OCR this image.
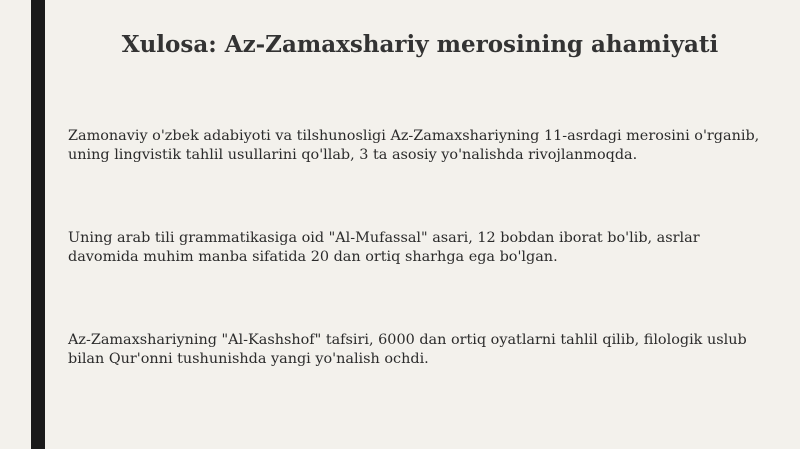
Xulosa: Az-Zamaxshariy merosining ahamiyati
Zamonaviy o'zbek adabiyoti va tilshunosligi Az-Zamaxshariyning 11-asrdagi merosini o'rganib, uning lingvistik tahlil usullarini qo'llab, 3 ta asosiy yo'nalishda rivojlanmoqda.
Uning arab tili grammatikasiga oid "Al-Mufassal" asari, 12 bobdan iborat bo'lib, asrlar davomida muhim manba sifatida 20 dan ortiq sharhga ega bo'lgan.
Az-Zamaxshariyning "Al-Kashshof" tafsiri, 6000 dan ortiq oyatlarni tahlil qilib, filologik uslub bilan Qur'onni tushunishda yangi yo'nalish ochdi.
